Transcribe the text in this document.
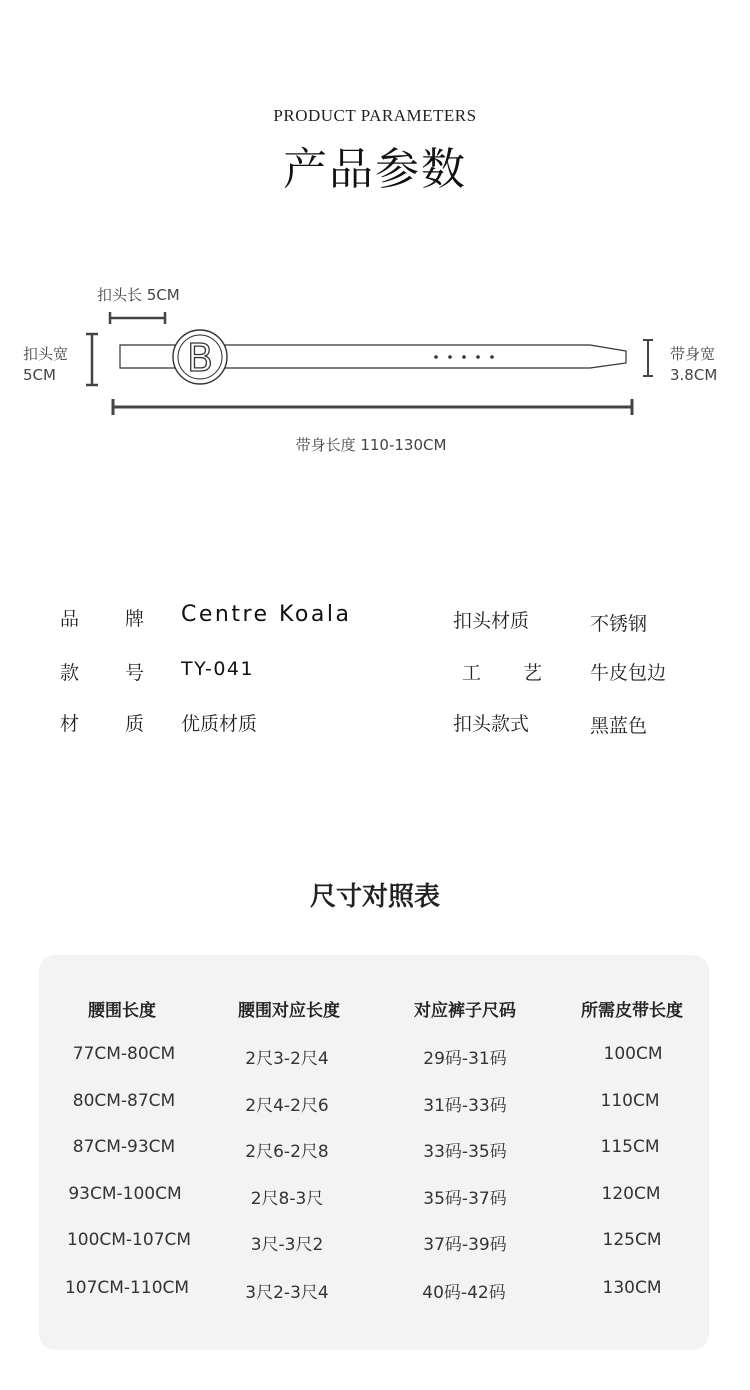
PRODUCT PARAMETERS
产品参数
扣头长 5CM
扣头宽
5CM
带身宽
3.8CM
带身长度 110-130CM
B
品 牌 Centre Koala	扣头材质	不锈钢
款 号 TY-041	工 艺 牛皮包边
材 质 优质材质	扣头款式	黑蓝色
尺寸对照表
腰围长度	腰围对应长度	对应裤子尺码	所需皮带长度
77CM-80CM	2尺3-2尺4	29码-31码	100CM
80CM-87CM	2尺4-2尺6	31码-33码	110CM
87CM-93CM	2尺6-2尺8	33码-35码	115CM
93CM-100CM	2尺8-3尺	35码-37码	120CM
100CM-107CM	3尺-3尺2	37码-39码	125CM
107CM-110CM	3尺2-3尺4	40码-42码	130CM
